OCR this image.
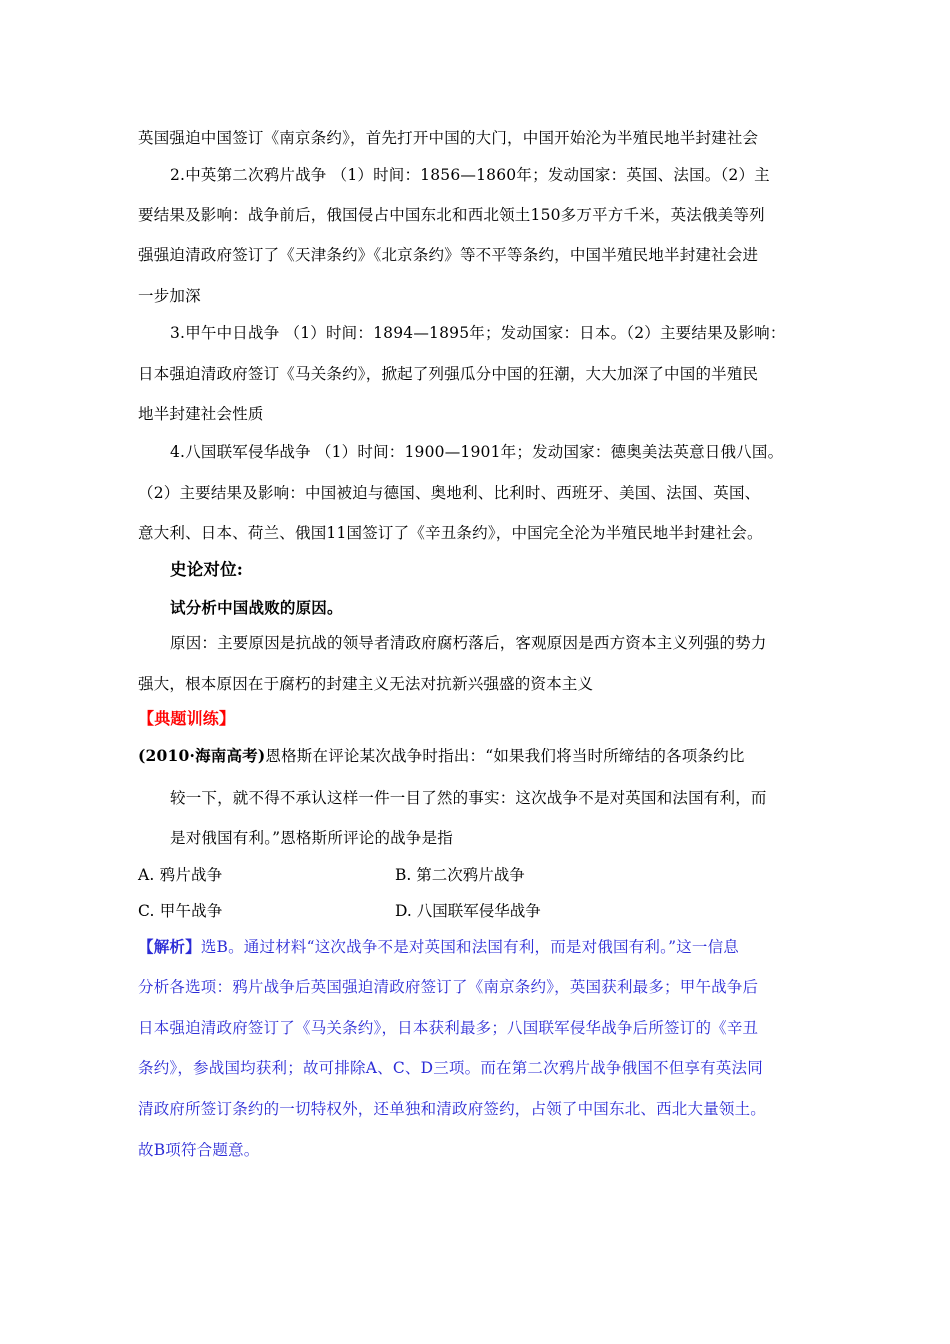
英国强迫中国签订《南京条约》，首先打开中国的大门，中国开始沦为半殖民地半封建社会
2.中英第二次鸦片战争 （1）时间：1856—1860年；发动国家：英国、法国。（2）主
要结果及影响：战争前后，俄国侵占中国东北和西北领土150多万平方千米，英法俄美等列
强强迫清政府签订了《天津条约》《北京条约》等不平等条约，中国半殖民地半封建社会进
一步加深
3.甲午中日战争 （1）时间：1894—1895年；发动国家：日本。（2）主要结果及影响：
日本强迫清政府签订《马关条约》，掀起了列强瓜分中国的狂潮，大大加深了中国的半殖民
地半封建社会性质
4.八国联军侵华战争 （1）时间：1900—1901年；发动国家：德奥美法英意日俄八国。
（2）主要结果及影响：中国被迫与德国、奥地利、比利时、西班牙、美国、法国、英国、
意大利、日本、荷兰、俄国11国签订了《辛丑条约》，中国完全沦为半殖民地半封建社会。
史论对位:
试分析中国战败的原因。
原因：主要原因是抗战的领导者清政府腐朽落后，客观原因是西方资本主义列强的势力
强大，根本原因在于腐朽的封建主义无法对抗新兴强盛的资本主义
【典题训练】
(2010·海南高考)恩格斯在评论某次战争时指出：“如果我们将当时所缔结的各项条约比
较一下，就不得不承认这样一件一目了然的事实：这次战争不是对英国和法国有利，而
是对俄国有利。”恩格斯所评论的战争是指
A. 鸦片战争	B. 第二次鸦片战争
C. 甲午战争	D. 八国联军侵华战争
【解析】选B。通过材料“这次战争不是对英国和法国有利，而是对俄国有利。”这一信息
分析各选项：鸦片战争后英国强迫清政府签订了《南京条约》，英国获利最多；甲午战争后
日本强迫清政府签订了《马关条约》，日本获利最多；八国联军侵华战争后所签订的《辛丑
条约》，参战国均获利；故可排除A、C、D三项。而在第二次鸦片战争俄国不但享有英法同
清政府所签订条约的一切特权外，还单独和清政府签约，占领了中国东北、西北大量领土。
故B项符合题意。
